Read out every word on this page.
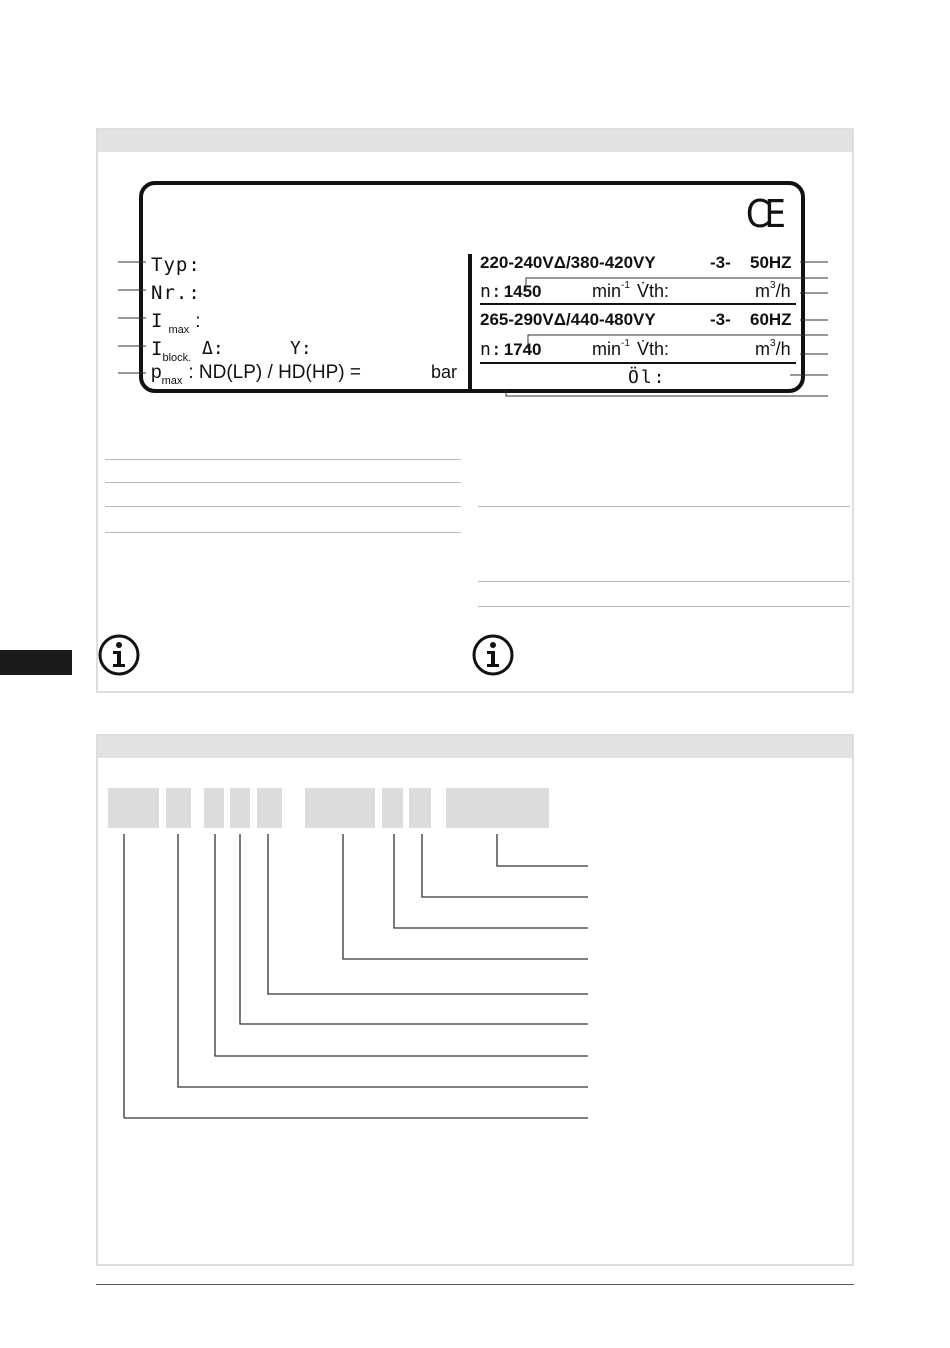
CE
Typ:
Nr.:
I $_{max}$ :
$I_{block.}$ Δ:	Y:
$p_{max}$ : ND(LP) / HD(HP) =	bar
220-240VΔ/380-420VY	-3- 50HZ
n: 1450	$\min^{-1}$ V̇th:	$m^3/h$
265-290VΔ/440-480VY	-3- 60HZ
n: 1740	$\min^{-1}$ V̇th:	$m^3/h$
Öl:
